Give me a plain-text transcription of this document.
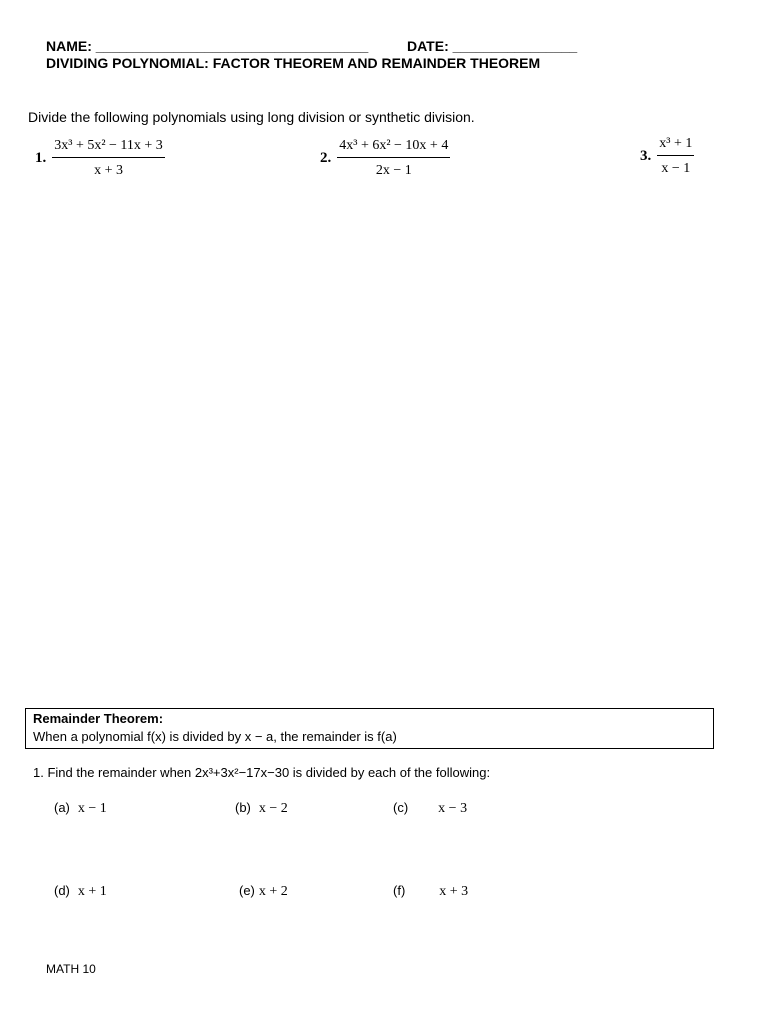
NAME: ___________________________________	DATE: ________________
DIVIDING POLYNOMIAL: FACTOR THEOREM AND REMAINDER THEOREM
Divide the following polynomials using long division or synthetic division.
1. $\frac{\text{3x³ + 5x² − 11x + 3}}{x + 3}$	2. $\frac{\text{4x³ + 6x² − 10x + 4}}{2x - 1}$	3. $\frac{\text{x³ + 1}}{x - 1}$
Remainder Theorem:
When a polynomial f(x) is divided by x − a, the remainder is f(a)
1. Find the remainder when 2x³+3x²−17x−30 is divided by each of the following:
(a) x − 1	(b) x − 2	(c) x − 3
(d) x + 1	(e) x + 2	(f) x + 3
MATH 10
